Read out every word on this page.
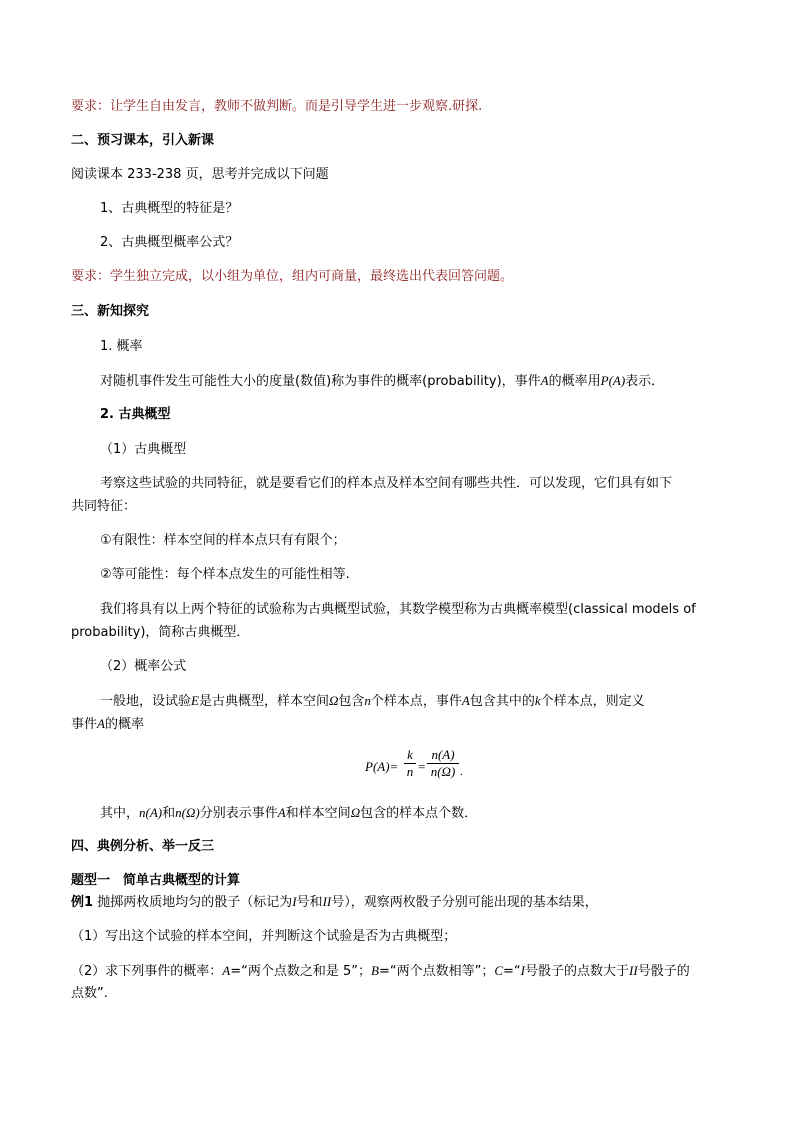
要求：让学生自由发言，教师不做判断。而是引导学生进一步观察.研探.
二、预习课本，引入新课
阅读课本 233-238 页，思考并完成以下问题
1、古典概型的特征是？
2、古典概型概率公式？
要求：学生独立完成，以小组为单位，组内可商量，最终选出代表回答问题。
三、新知探究
1. 概率
对随机事件发生可能性大小的度量(数值)称为事件的概率(probability)，事件A的概率用P(A)表示．
2. 古典概型
（1）古典概型
考察这些试验的共同特征，就是要看它们的样本点及样本空间有哪些共性．可以发现，它们具有如下
共同特征：
①有限性：样本空间的样本点只有有限个；
②等可能性：每个样本点发生的可能性相等.
我们将具有以上两个特征的试验称为古典概型试验，其数学模型称为古典概率模型(classical models of
probability)，简称古典概型．
（2）概率公式
一般地，设试验E是古典概型，样本空间Ω包含n个样本点，事件A包含其中的k个样本点，则定义
事件A的概率
P(A)=
k
n =
n(A)
n(Ω) .
其中，n(A)和n(Ω)分别表示事件A和样本空间Ω包含的样本点个数．
四、典例分析、举一反三
题型一　简单古典概型的计算
例1 抛掷两枚质地均匀的骰子（标记为I号和II号），观察两枚骰子分别可能出现的基本结果，
（1）写出这个试验的样本空间，并判断这个试验是否为古典概型；
（2）求下列事件的概率：A=“两个点数之和是 5”；B=“两个点数相等”；C=“I号骰子的点数大于II号骰子的
点数”.
